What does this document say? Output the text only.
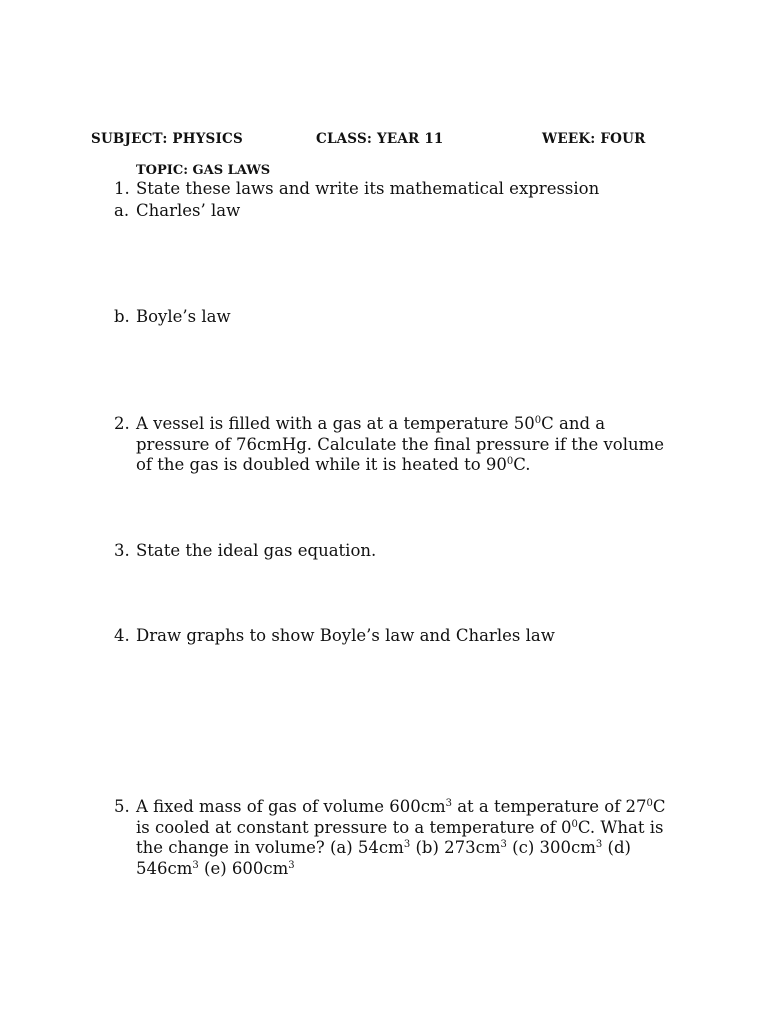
SUBJECT: PHYSICS	CLASS: YEAR 11	WEEK: FOUR
TOPIC: GAS LAWS
1. State these laws and write its mathematical expression
a. Charles’ law
b. Boyle’s law
2. A vessel is filled with a gas at a temperature $50^0C$ and a pressure of 76cmHg. Calculate the final pressure if the volume of the gas is doubled while it is heated to $90^0C$.
3. State the ideal gas equation.
4. Draw graphs to show Boyle’s law and Charles law
5. A fixed mass of gas of volume $600cm^3$ at a temperature of $27^0C$ is cooled at constant pressure to a temperature of $0^0C$. What is the change in volume? (a) $54cm^3$ (b) $273cm^3$ (c) $300cm^3$ (d) $546cm^3$ (e) $600cm^3$
